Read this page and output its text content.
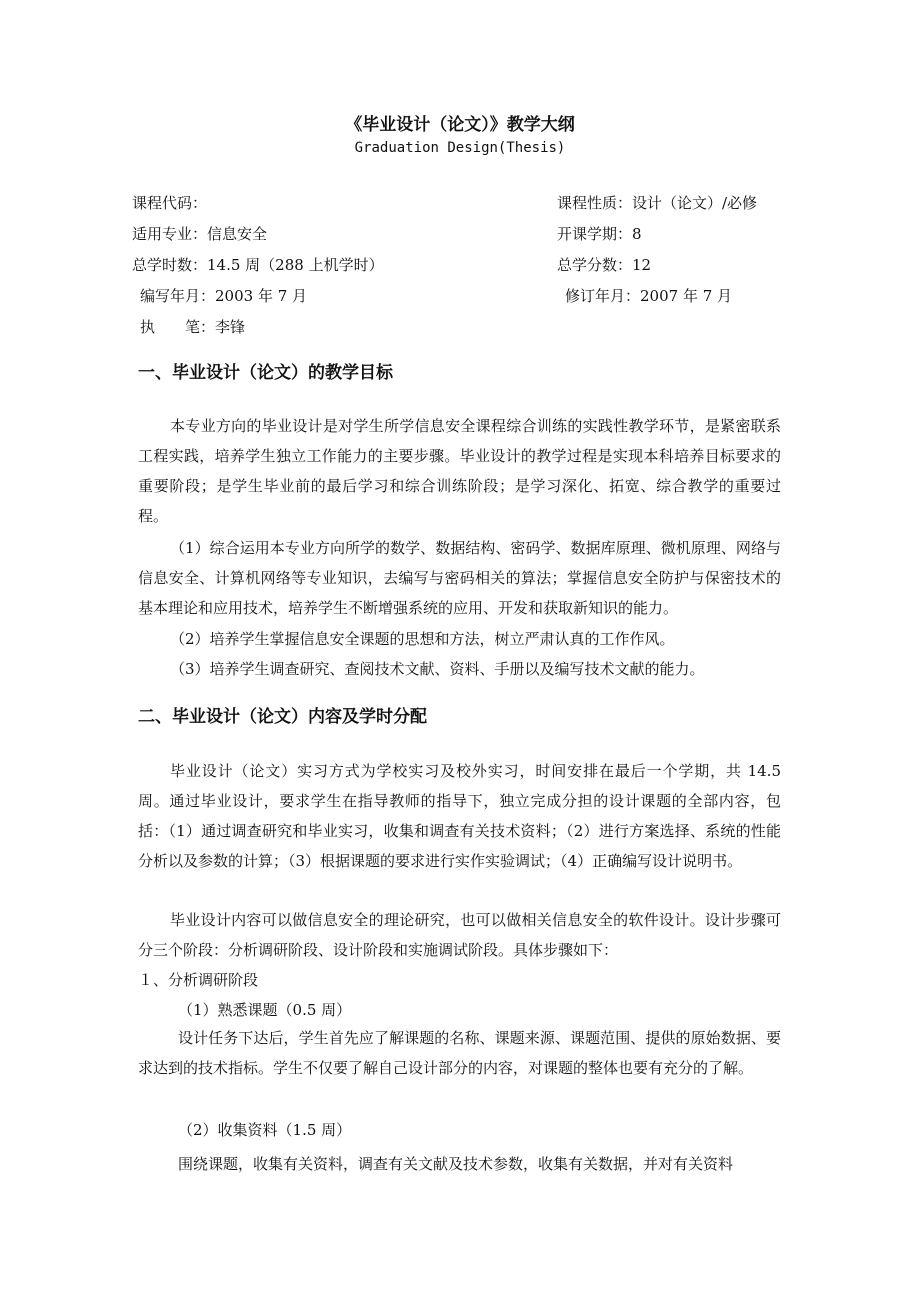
《毕业设计（论文）》教学大纲
Graduation Design(Thesis)
课程代码：	课程性质：设计（论文）/必修
适用专业：信息安全	开课学期：8
总学时数：14.5 周（288 上机学时）	总学分数：12
编写年月：2003 年 7 月	修订年月：2007 年 7 月
执　　笔：李锋
一、毕业设计（论文）的教学目标
本专业方向的毕业设计是对学生所学信息安全课程综合训练的实践性教学环节，是紧密联系工程实践，培养学生独立工作能力的主要步骤。毕业设计的教学过程是实现本科培养目标要求的重要阶段；是学生毕业前的最后学习和综合训练阶段；是学习深化、拓宽、综合教学的重要过程。
（1）综合运用本专业方向所学的数学、数据结构、密码学、数据库原理、微机原理、网络与信息安全、计算机网络等专业知识，去编写与密码相关的算法；掌握信息安全防护与保密技术的基本理论和应用技术，培养学生不断增强系统的应用、开发和获取新知识的能力。
（2）培养学生掌握信息安全课题的思想和方法，树立严肃认真的工作作风。
（3）培养学生调查研究、查阅技术文献、资料、手册以及编写技术文献的能力。
二、毕业设计（论文）内容及学时分配
毕业设计（论文）实习方式为学校实习及校外实习，时间安排在最后一个学期，共 14.5 周。通过毕业设计，要求学生在指导教师的指导下，独立完成分担的设计课题的全部内容，包括：（1）通过调查研究和毕业实习，收集和调查有关技术资料；（2）进行方案选择、系统的性能分析以及参数的计算；（3）根据课题的要求进行实作实验调试；（4）正确编写设计说明书。
毕业设计内容可以做信息安全的理论研究，也可以做相关信息安全的软件设计。设计步骤可分三个阶段：分析调研阶段、设计阶段和实施调试阶段。具体步骤如下：
１、分析调研阶段
（1）熟悉课题（0.5 周）
设计任务下达后，学生首先应了解课题的名称、课题来源、课题范围、提供的原始数据、要求达到的技术指标。学生不仅要了解自己设计部分的内容，对课题的整体也要有充分的了解。
（2）收集资料（1.5 周）
围绕课题，收集有关资料，调查有关文献及技术参数，收集有关数据，并对有关资料
